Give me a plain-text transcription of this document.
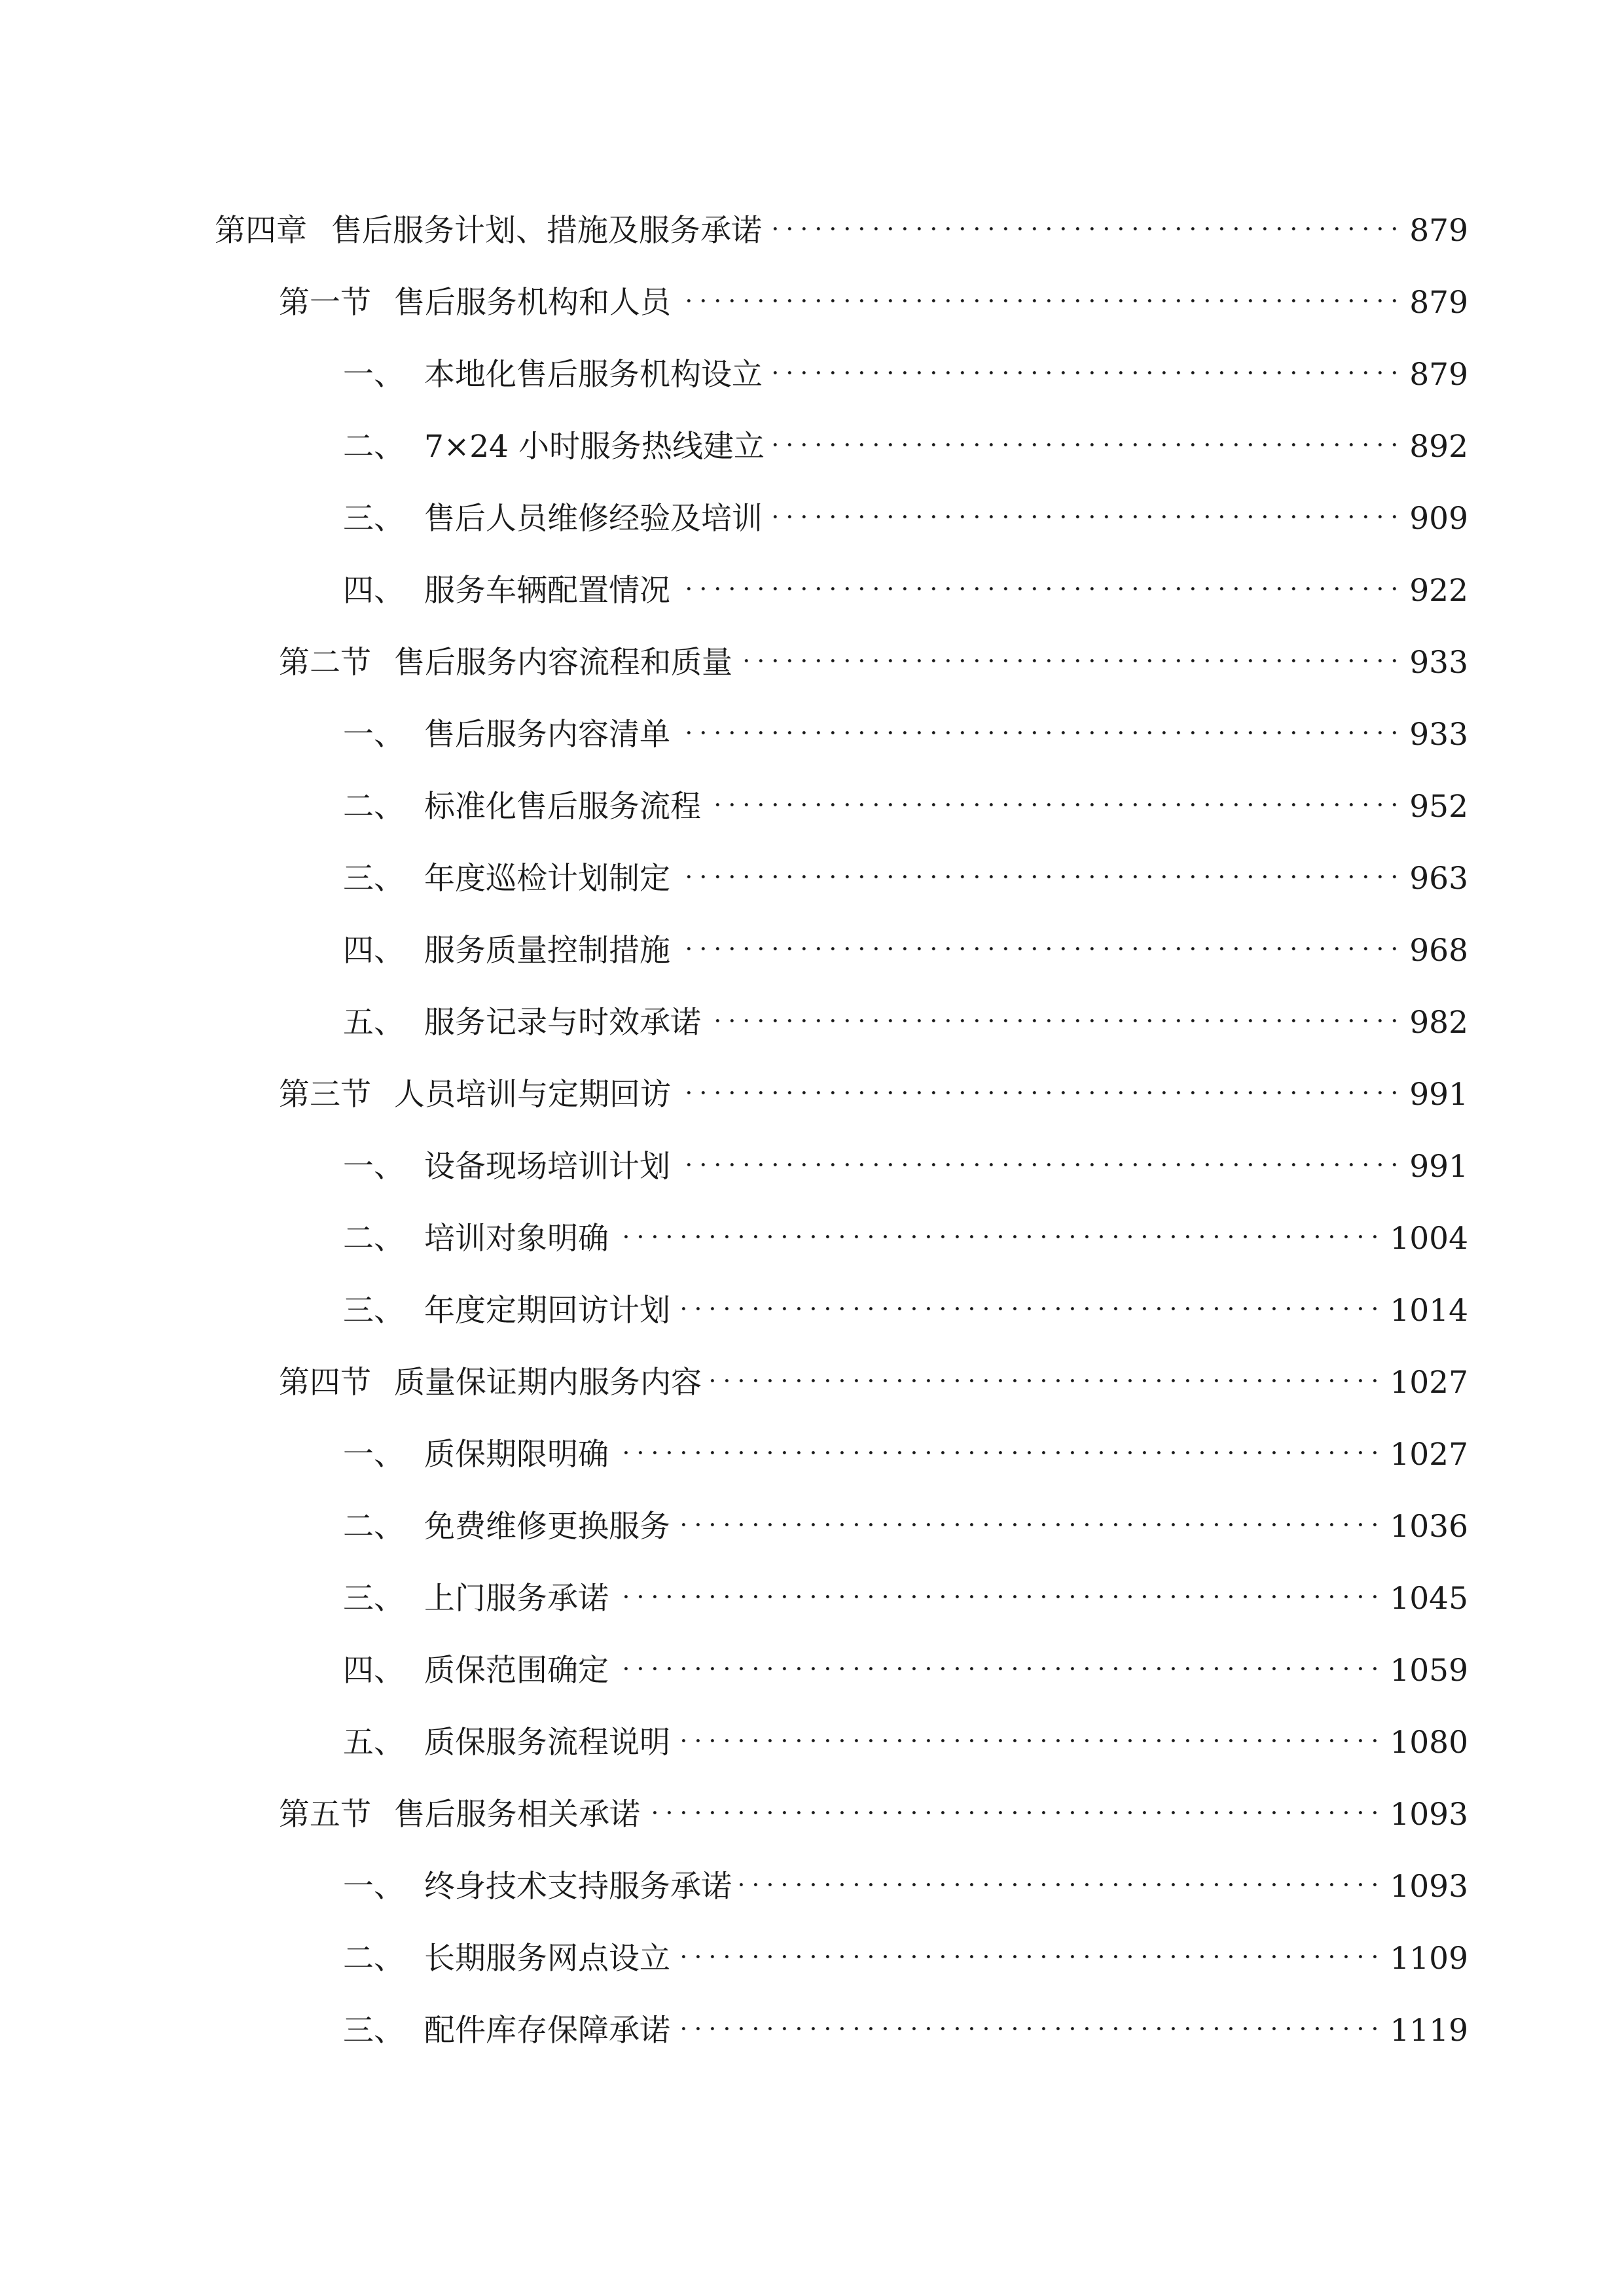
第四章 售后服务计划、措施及服务承诺	879
第一节 售后服务机构和人员	879
一、 本地化售后服务机构设立	879
二、 7×24 小时服务热线建立	892
三、 售后人员维修经验及培训	909
四、 服务车辆配置情况	922
第二节 售后服务内容流程和质量	933
一、 售后服务内容清单	933
二、 标准化售后服务流程	952
三、 年度巡检计划制定	963
四、 服务质量控制措施	968
五、 服务记录与时效承诺	982
第三节 人员培训与定期回访	991
一、 设备现场培训计划	991
二、 培训对象明确	1004
三、 年度定期回访计划	1014
第四节 质量保证期内服务内容	1027
一、 质保期限明确	1027
二、 免费维修更换服务	1036
三、 上门服务承诺	1045
四、 质保范围确定	1059
五、 质保服务流程说明	1080
第五节 售后服务相关承诺	1093
一、 终身技术支持服务承诺	1093
二、 长期服务网点设立	1109
三、 配件库存保障承诺	1119
